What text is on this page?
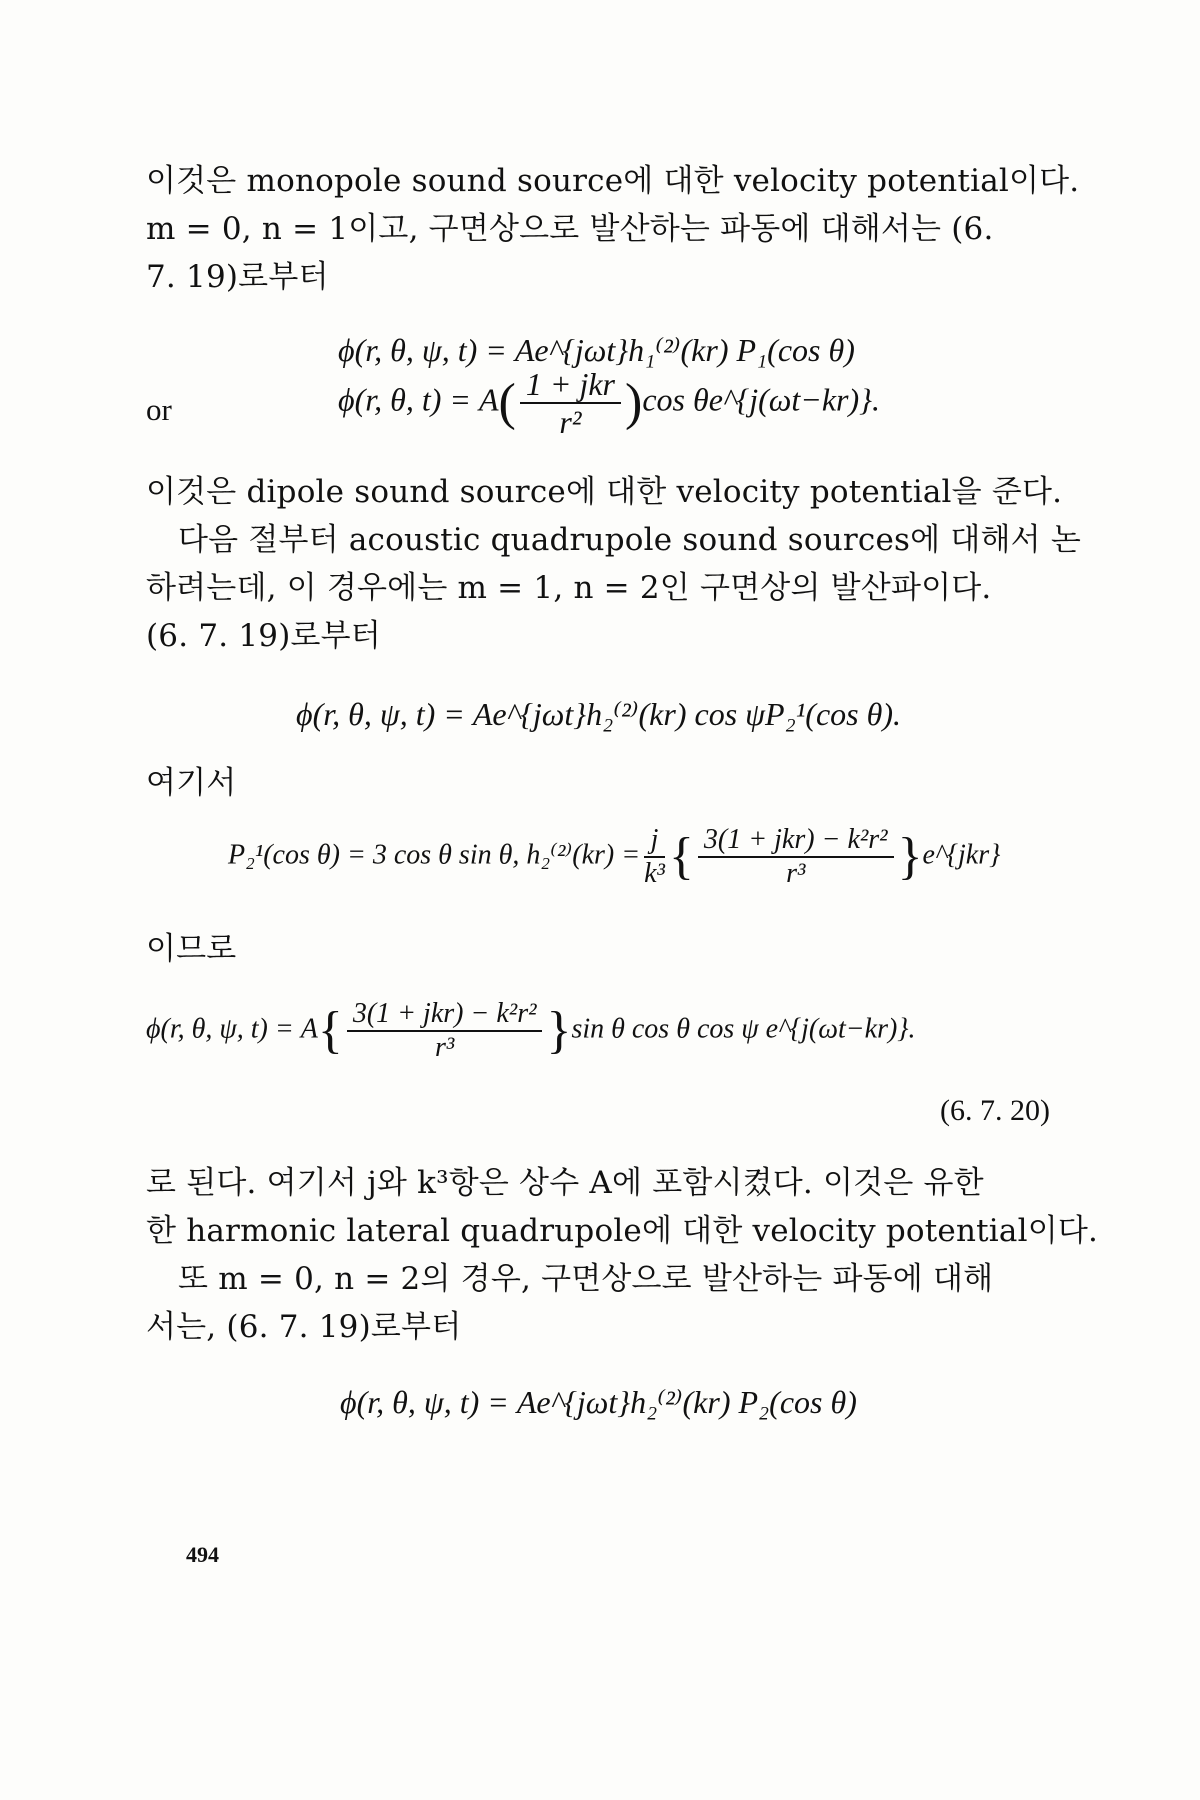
이것은 monopole sound source에 대한 velocity potential이다.
m = 0, n = 1이고, 구면상으로 발산하는 파동에 대해서는 (6.
7. 19)로부터
ϕ(r, θ, ψ, t) = Ae^{jωt}h₁⁽²⁾(kr) P₁(cos θ)
or	ϕ(r, θ, $t) = A( \frac{\text{1 + jkr}}{\text{r²}} )\cos$ θe^{j(ωt−kr)}.
이것은 dipole sound source에 대한 velocity potential을 준다.
다음 절부터 acoustic quadrupole sound sources에 대해서 논
하려는데, 이 경우에는 m = 1, n = 2인 구면상의 발산파이다.
(6. 7. 19)로부터
ϕ(r, θ, ψ, t) = Ae^{jωt}h₂⁽²⁾(kr) cos ψP₂¹(cos θ).
여기서
P₂¹(cos θ) = 3 cos θ sin θ, $h_2^{(2)}(kr) = \frac{j}{\text{k³}}$ { $\frac{\text{3(1 + jkr) − k²r²}}{\text{r³}}$ }e^{jkr}
이므로
ϕ(r, θ, ψ, $t) = A\{ \frac{\text{3(1 + jkr) − k²r²}}{\text{r³}} \}\sin$ θ cos θ cos ψ e^{j(ωt−kr)}.
(6. 7. 20)
로 된다. 여기서 j와 k³항은 상수 A에 포함시켰다. 이것은 유한
한 harmonic lateral quadrupole에 대한 velocity potential이다.
또 m = 0, n = 2의 경우, 구면상으로 발산하는 파동에 대해
서는, (6. 7. 19)로부터
ϕ(r, θ, ψ, t) = Ae^{jωt}h₂⁽²⁾(kr) P₂(cos θ)
494
